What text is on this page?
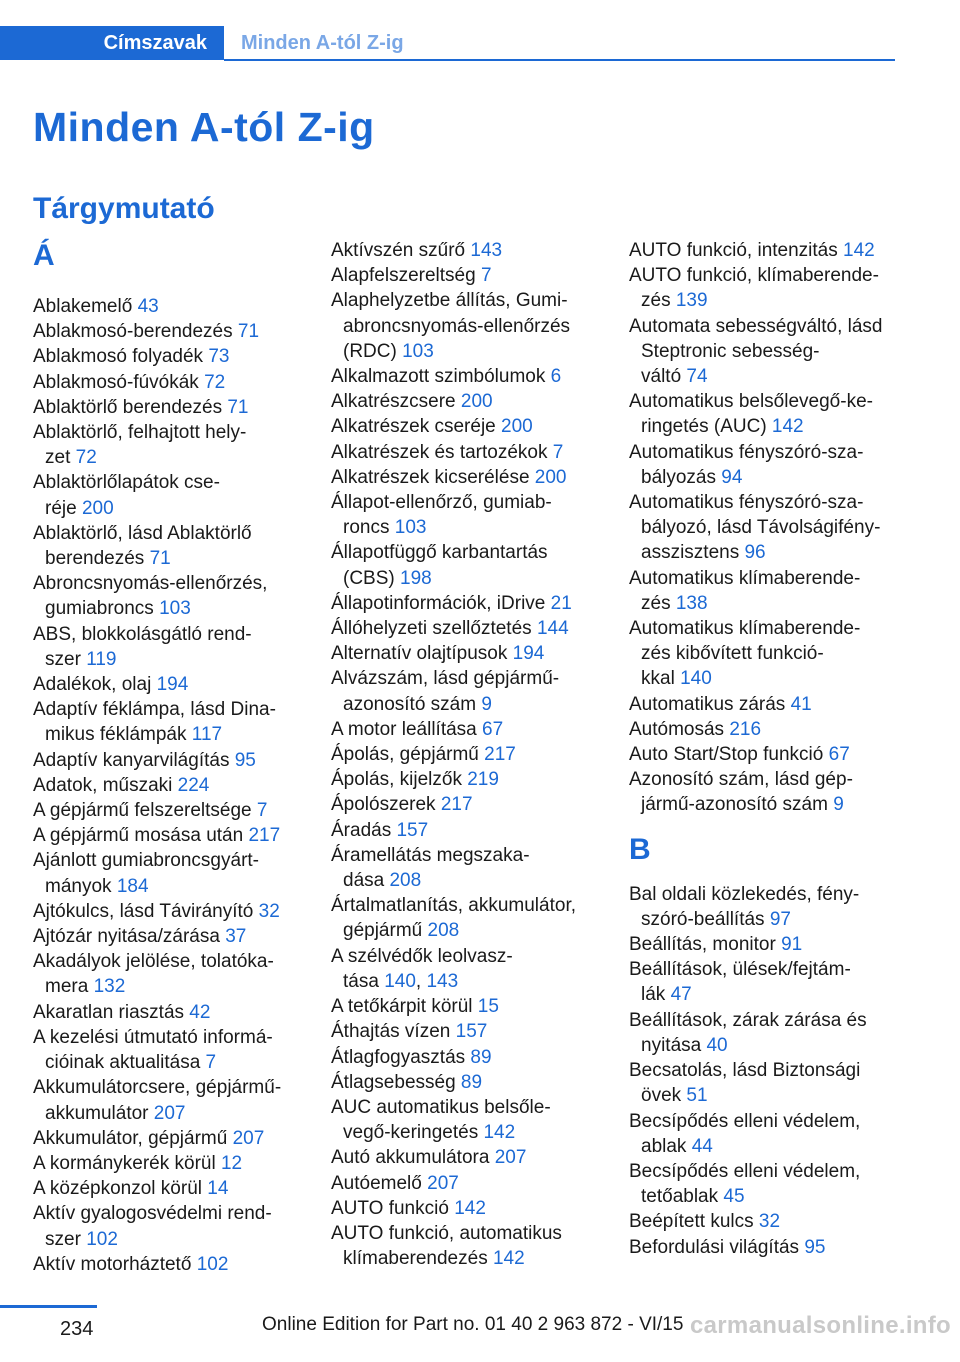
Címszavak	Minden A-tól Z-ig
Minden A-tól Z-ig
Tárgymutató
Á
Ablakemelő 43
Ablakmosó-berendezés 71
Ablakmosó folyadék 73
Ablakmosó-fúvókák 72
Ablaktörlő berendezés 71
Ablaktörlő, felhajtott hely-
zet 72
Ablaktörlőlapátok cse-
réje 200
Ablaktörlő, lásd Ablaktörlő
berendezés 71
Abroncsnyomás-ellenőrzés,
gumiabroncs 103
ABS, blokkolásgátló rend-
szer 119
Adalékok, olaj 194
Adaptív féklámpa, lásd Dina-
mikus féklámpák 117
Adaptív kanyarvilágítás 95
Adatok, műszaki 224
A gépjármű felszereltsége 7
A gépjármű mosása után 217
Ajánlott gumiabroncsgyárt-
mányok 184
Ajtókulcs, lásd Távirányító 32
Ajtózár nyitása/zárása 37
Akadályok jelölése, tolatóka-
mera 132
Akaratlan riasztás 42
A kezelési útmutató informá-
cióinak aktualitása 7
Akkumulátorcsere, gépjármű-
akkumulátor 207
Akkumulátor, gépjármű 207
A kormánykerék körül 12
A középkonzol körül 14
Aktív gyalogosvédelmi rend-
szer 102
Aktív motorháztető 102
Aktívszén szűrő 143
Alapfelszereltség 7
Alaphelyzetbe állítás, Gumi-
abroncsnyomás-ellenőrzés
(RDC) 103
Alkalmazott szimbólumok 6
Alkatrészcsere 200
Alkatrészek cseréje 200
Alkatrészek és tartozékok 7
Alkatrészek kicserélése 200
Állapot-ellenőrző, gumiab-
roncs 103
Állapotfüggő karbantartás
(CBS) 198
Állapotinformációk, iDrive 21
Állóhelyzeti szellőztetés 144
Alternatív olajtípusok 194
Alvázszám, lásd gépjármű-
azonosító szám 9
A motor leállítása 67
Ápolás, gépjármű 217
Ápolás, kijelzők 219
Ápolószerek 217
Áradás 157
Áramellátás megszaka-
dása 208
Ártalmatlanítás, akkumulátor,
gépjármű 208
A szélvédők leolvasz-
tása 140, 143
A tetőkárpit körül 15
Áthajtás vízen 157
Átlagfogyasztás 89
Átlagsebesség 89
AUC automatikus belsőle-
vegő-keringetés 142
Autó akkumulátora 207
Autóemelő 207
AUTO funkció 142
AUTO funkció, automatikus
klímaberendezés 142
AUTO funkció, intenzitás 142
AUTO funkció, klímaberende-
zés 139
Automata sebességváltó, lásd
Steptronic sebesség-
váltó 74
Automatikus belsőlevegő-ke-
ringetés (AUC) 142
Automatikus fényszóró-sza-
bályozás 94
Automatikus fényszóró-sza-
bályozó, lásd Távolságifény-
asszisztens 96
Automatikus klímaberende-
zés 138
Automatikus klímaberende-
zés kibővített funkció-
kkal 140
Automatikus zárás 41
Autómosás 216
Auto Start/Stop funkció 67
Azonosító szám, lásd gép-
jármű-azonosító szám 9
B
Bal oldali közlekedés, fény-
szóró-beállítás 97
Beállítás, monitor 91
Beállítások, ülések/fejtám-
lák 47
Beállítások, zárak zárása és
nyitása 40
Becsatolás, lásd Biztonsági
övek 51
Becsípődés elleni védelem,
ablak 44
Becsípődés elleni védelem,
tetőablak 45
Beépített kulcs 32
Befordulási világítás 95
234	Online Edition for Part no. 01 40 2 963 872 - VI/15 carmanualsonline.info
